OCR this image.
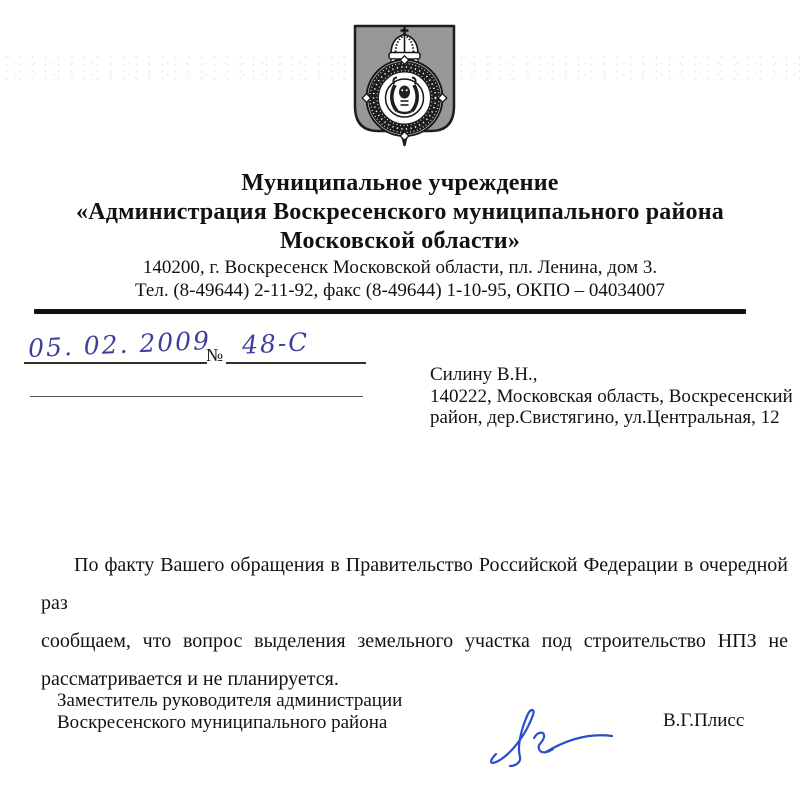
Муниципальное учреждение
«Администрация Воскресенского муниципального района
Московской области»
140200, г. Воскресенск Московской области, пл. Ленина, дом 3.
Тел. (8-49644) 2-11-92, факс (8-49644) 1-10-95, ОКПО – 04034007
05. 02. 2009
№ 48-С
Силину В.Н.,
140222, Московская область, Воскресенский
район, дер.Свистягино, ул.Центральная, 12
По факту Вашего обращения в Правительство Российской Федерации в очередной раз
сообщаем, что вопрос выделения земельного участка под строительство НПЗ не
рассматривается и не планируется.
Заместитель руководителя администрации
Воскресенского муниципального района	В.Г.Плисс
